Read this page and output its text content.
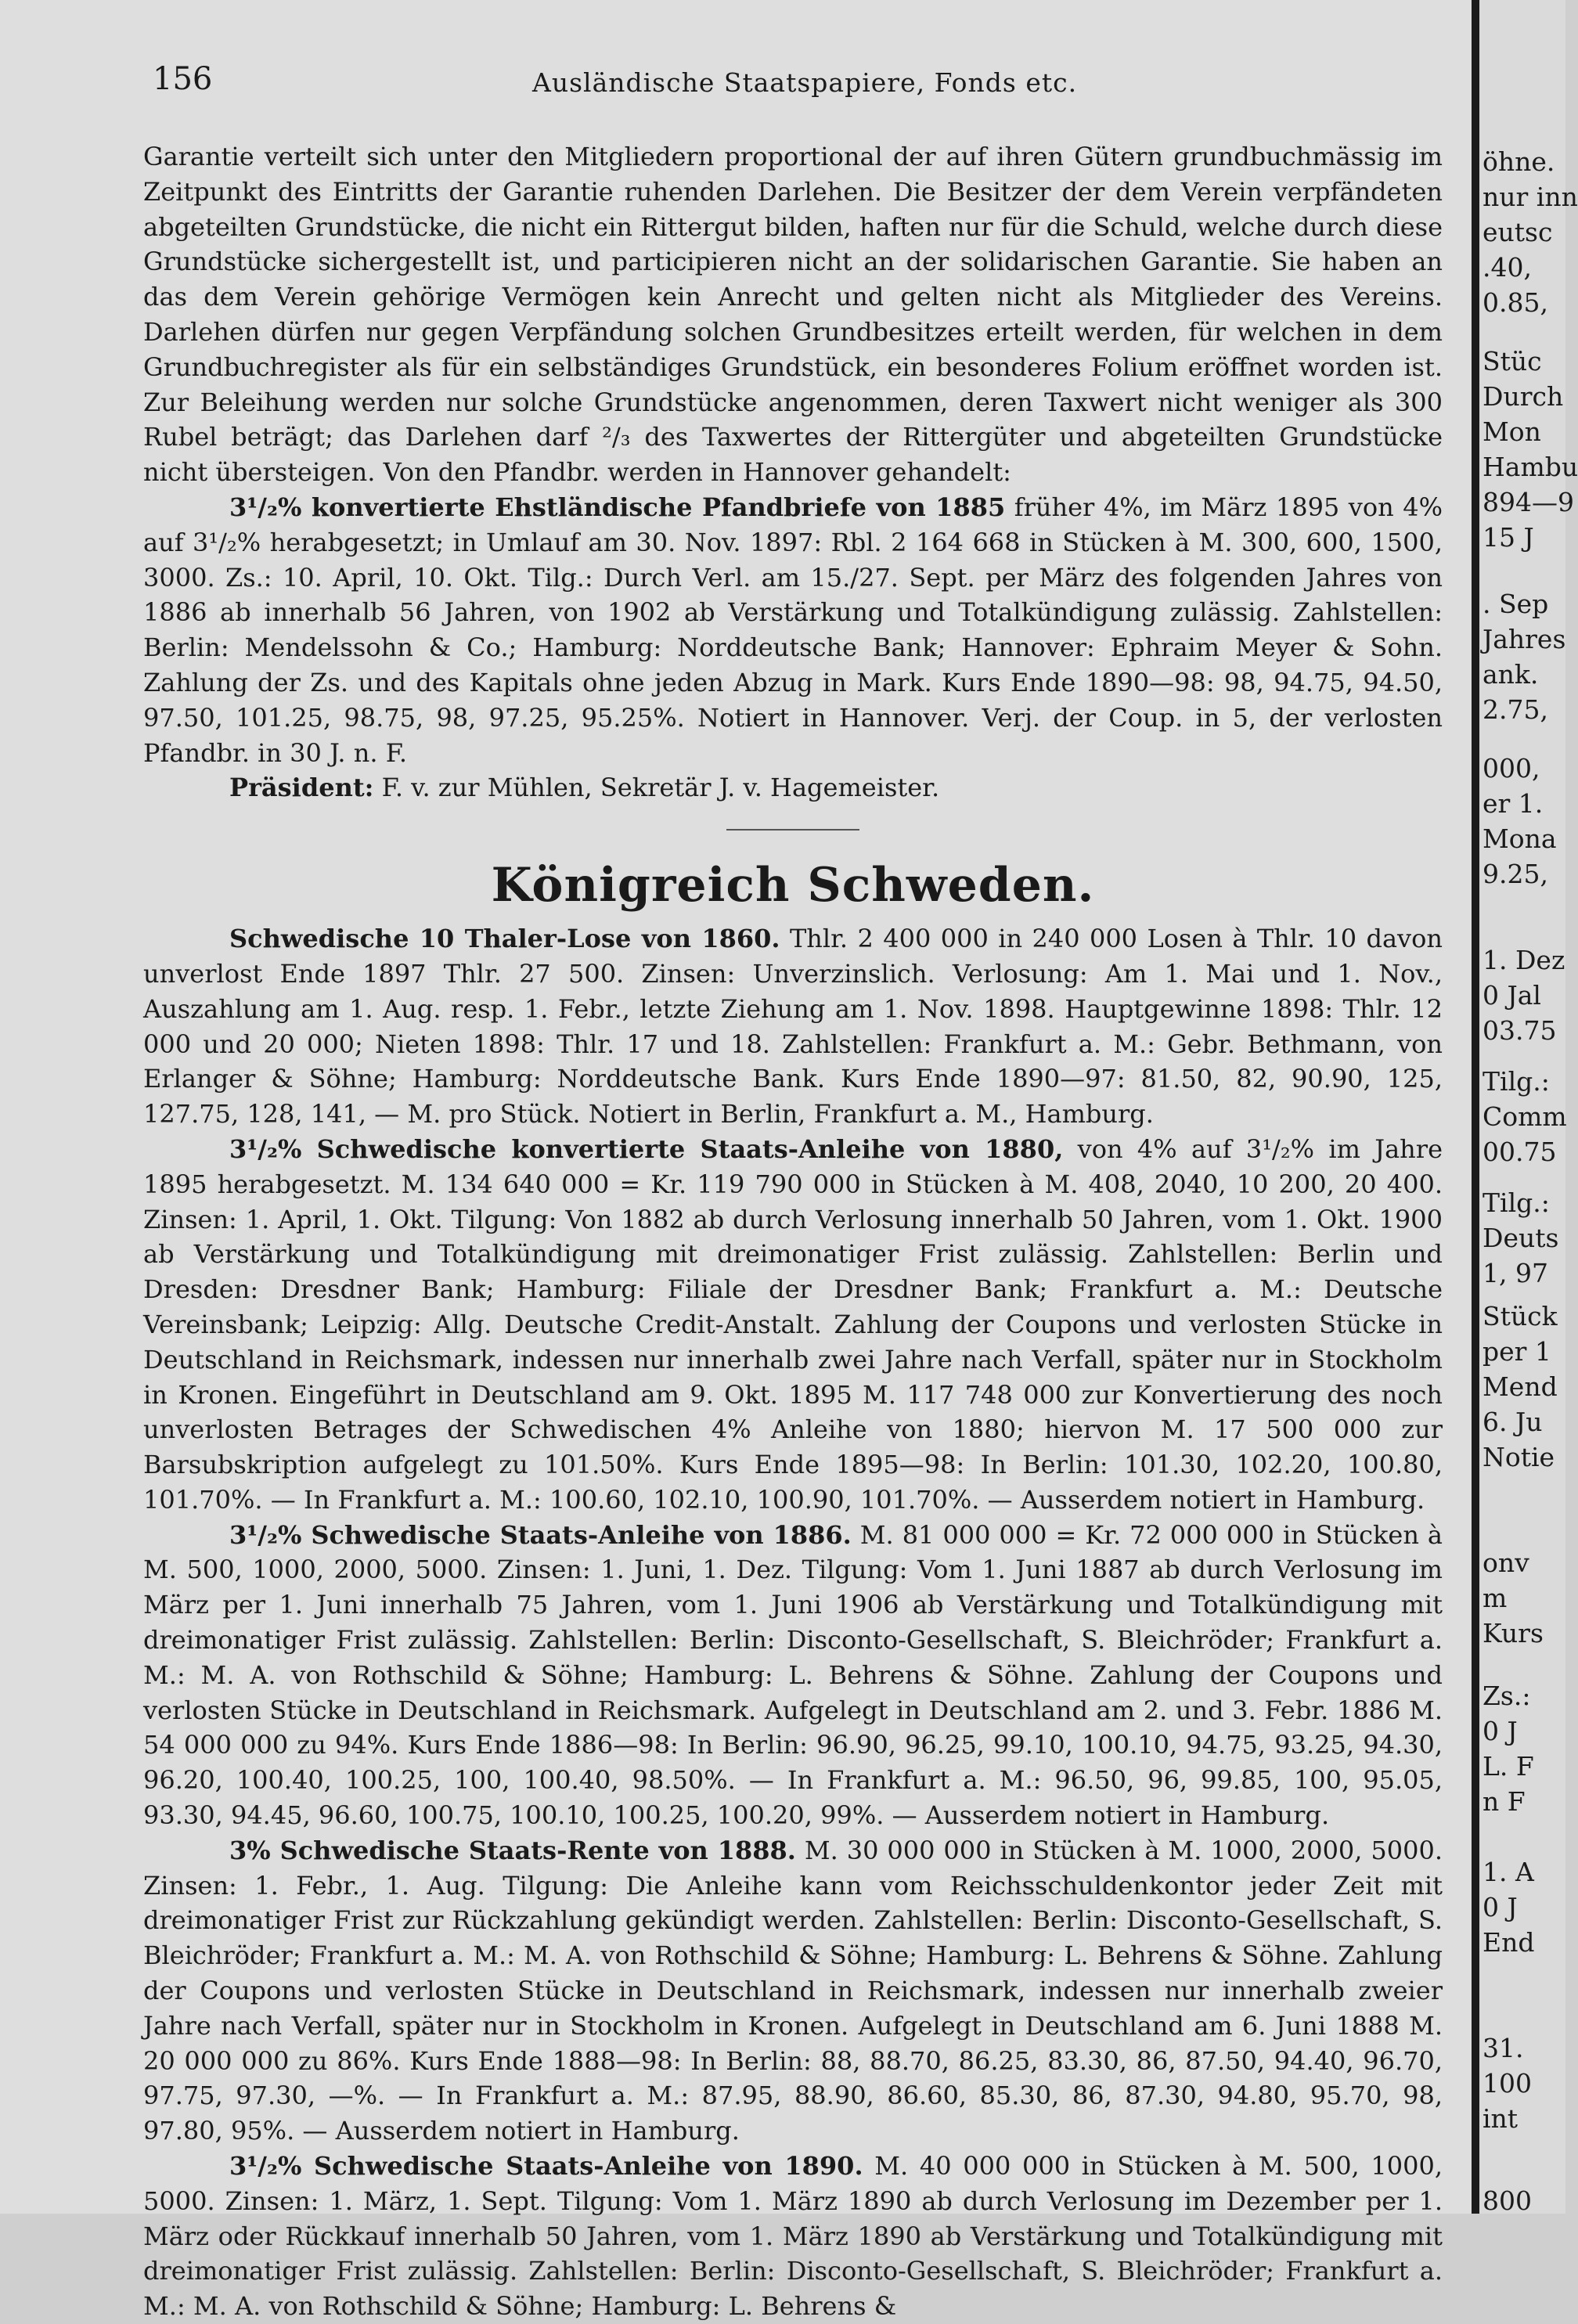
156	Ausländische Staatspapiere, Fonds etc.

Garantie verteilt sich unter den Mitgliedern proportional der auf ihren Gütern grundbuchmässig im Zeitpunkt des Eintritts der Garantie ruhenden Darlehen. Die Besitzer der dem Verein verpfändeten abgeteilten Grundstücke, die nicht ein Rittergut bilden, haften nur für die Schuld, welche durch diese Grundstücke sichergestellt ist, und participieren nicht an der solidarischen Garantie. Sie haben an das dem Verein gehörige Vermögen kein Anrecht und gelten nicht als Mitglieder des Vereins. Darlehen dürfen nur gegen Verpfändung solchen Grundbesitzes erteilt werden, für welchen in dem Grundbuchregister als für ein selbständiges Grundstück, ein besonderes Folium eröffnet worden ist. Zur Beleihung werden nur solche Grundstücke angenommen, deren Taxwert nicht weniger als 300 Rubel beträgt; das Darlehen darf ²/₃ des Taxwertes der Rittergüter und abgeteilten Grundstücke nicht übersteigen. Von den Pfandbr. werden in Hannover gehandelt:

3¹/₂% konvertierte Ehstländische Pfandbriefe von 1885 früher 4%, im März 1895 von 4% auf 3¹/₂% herabgesetzt; in Umlauf am 30. Nov. 1897: Rbl. 2 164 668 in Stücken à M. 300, 600, 1500, 3000. Zs.: 10. April, 10. Okt. Tilg.: Durch Verl. am 15./27. Sept. per März des folgenden Jahres von 1886 ab innerhalb 56 Jahren, von 1902 ab Verstärkung und Totalkündigung zulässig. Zahlstellen: Berlin: Mendelssohn & Co.; Hamburg: Norddeutsche Bank; Hannover: Ephraim Meyer & Sohn. Zahlung der Zs. und des Kapitals ohne jeden Abzug in Mark. Kurs Ende 1890—98: 98, 94.75, 94.50, 97.50, 101.25, 98.75, 98, 97.25, 95.25%. Notiert in Hannover. Verj. der Coup. in 5, der verlosten Pfandbr. in 30 J. n. F.

Präsident: F. v. zur Mühlen, Sekretär J. v. Hagemeister.

Königreich Schweden.

Schwedische 10 Thaler-Lose von 1860. Thlr. 2 400 000 in 240 000 Losen à Thlr. 10 davon unverlost Ende 1897 Thlr. 27 500. Zinsen: Unverzinslich. Verlosung: Am 1. Mai und 1. Nov., Auszahlung am 1. Aug. resp. 1. Febr., letzte Ziehung am 1. Nov. 1898. Hauptgewinne 1898: Thlr. 12 000 und 20 000; Nieten 1898: Thlr. 17 und 18. Zahlstellen: Frankfurt a. M.: Gebr. Bethmann, von Erlanger & Söhne; Hamburg: Norddeutsche Bank. Kurs Ende 1890—97: 81.50, 82, 90.90, 125, 127.75, 128, 141, — M. pro Stück. Notiert in Berlin, Frankfurt a. M., Hamburg.

3¹/₂% Schwedische konvertierte Staats-Anleihe von 1880, von 4% auf 3¹/₂% im Jahre 1895 herabgesetzt. M. 134 640 000 = Kr. 119 790 000 in Stücken à M. 408, 2040, 10 200, 20 400. Zinsen: 1. April, 1. Okt. Tilgung: Von 1882 ab durch Verlosung innerhalb 50 Jahren, vom 1. Okt. 1900 ab Verstärkung und Totalkündigung mit dreimonatiger Frist zulässig. Zahlstellen: Berlin und Dresden: Dresdner Bank; Hamburg: Filiale der Dresdner Bank; Frankfurt a. M.: Deutsche Vereinsbank; Leipzig: Allg. Deutsche Credit-Anstalt. Zahlung der Coupons und verlosten Stücke in Deutschland in Reichsmark, indessen nur innerhalb zwei Jahre nach Verfall, später nur in Stockholm in Kronen. Eingeführt in Deutschland am 9. Okt. 1895 M. 117 748 000 zur Konvertierung des noch unverlosten Betrages der Schwedischen 4% Anleihe von 1880; hiervon M. 17 500 000 zur Barsubskription aufgelegt zu 101.50%. Kurs Ende 1895—98: In Berlin: 101.30, 102.20, 100.80, 101.70%. — In Frankfurt a. M.: 100.60, 102.10, 100.90, 101.70%. — Ausserdem notiert in Hamburg.

3¹/₂% Schwedische Staats-Anleihe von 1886. M. 81 000 000 = Kr. 72 000 000 in Stücken à M. 500, 1000, 2000, 5000. Zinsen: 1. Juni, 1. Dez. Tilgung: Vom 1. Juni 1887 ab durch Verlosung im März per 1. Juni innerhalb 75 Jahren, vom 1. Juni 1906 ab Verstärkung und Totalkündigung mit dreimonatiger Frist zulässig. Zahlstellen: Berlin: Disconto-Gesellschaft, S. Bleichröder; Frankfurt a. M.: M. A. von Rothschild & Söhne; Hamburg: L. Behrens & Söhne. Zahlung der Coupons und verlosten Stücke in Deutschland in Reichsmark. Aufgelegt in Deutschland am 2. und 3. Febr. 1886 M. 54 000 000 zu 94%. Kurs Ende 1886—98: In Berlin: 96.90, 96.25, 99.10, 100.10, 94.75, 93.25, 94.30, 96.20, 100.40, 100.25, 100, 100.40, 98.50%. — In Frankfurt a. M.: 96.50, 96, 99.85, 100, 95.05, 93.30, 94.45, 96.60, 100.75, 100.10, 100.25, 100.20, 99%. — Ausserdem notiert in Hamburg.

3% Schwedische Staats-Rente von 1888. M. 30 000 000 in Stücken à M. 1000, 2000, 5000. Zinsen: 1. Febr., 1. Aug. Tilgung: Die Anleihe kann vom Reichsschuldenkontor jeder Zeit mit dreimonatiger Frist zur Rückzahlung gekündigt werden. Zahlstellen: Berlin: Disconto-Gesellschaft, S. Bleichröder; Frankfurt a. M.: M. A. von Rothschild & Söhne; Hamburg: L. Behrens & Söhne. Zahlung der Coupons und verlosten Stücke in Deutschland in Reichsmark, indessen nur innerhalb zweier Jahre nach Verfall, später nur in Stockholm in Kronen. Aufgelegt in Deutschland am 6. Juni 1888 M. 20 000 000 zu 86%. Kurs Ende 1888—98: In Berlin: 88, 88.70, 86.25, 83.30, 86, 87.50, 94.40, 96.70, 97.75, 97.30, —%. — In Frankfurt a. M.: 87.95, 88.90, 86.60, 85.30, 86, 87.30, 94.80, 95.70, 98, 97.80, 95%. — Ausserdem notiert in Hamburg.

3¹/₂% Schwedische Staats-Anleihe von 1890. M. 40 000 000 in Stücken à M. 500, 1000, 5000. Zinsen: 1. März, 1. Sept. Tilgung: Vom 1. März 1890 ab durch Verlosung im Dezember per 1. März oder Rückkauf innerhalb 50 Jahren, vom 1. März 1890 ab Verstärkung und Totalkündigung mit dreimonatiger Frist zulässig. Zahlstellen: Berlin: Disconto-Gesellschaft, S. Bleichröder; Frankfurt a. M.: M. A. von Rothschild & Söhne; Hamburg: L. Behrens &

öhne.
nur inn
eutsc
.40,
0.85,
Stüc
Durch
Mon
Hambu
894—9
15 J
. Sep
Jahres
ank.
2.75,
000,
er 1.
Mona
9.25,
1. Dez
0 Jal
03.75
Tilg.:
Comm
00.75
Tilg.:
Deuts
1, 97
Stück
per 1
Mend
6. Ju
Notie
onv
m
Kurs
Zs.:
0 J
L. F
n F
1. A
0 J
End
31.
100
int
800
